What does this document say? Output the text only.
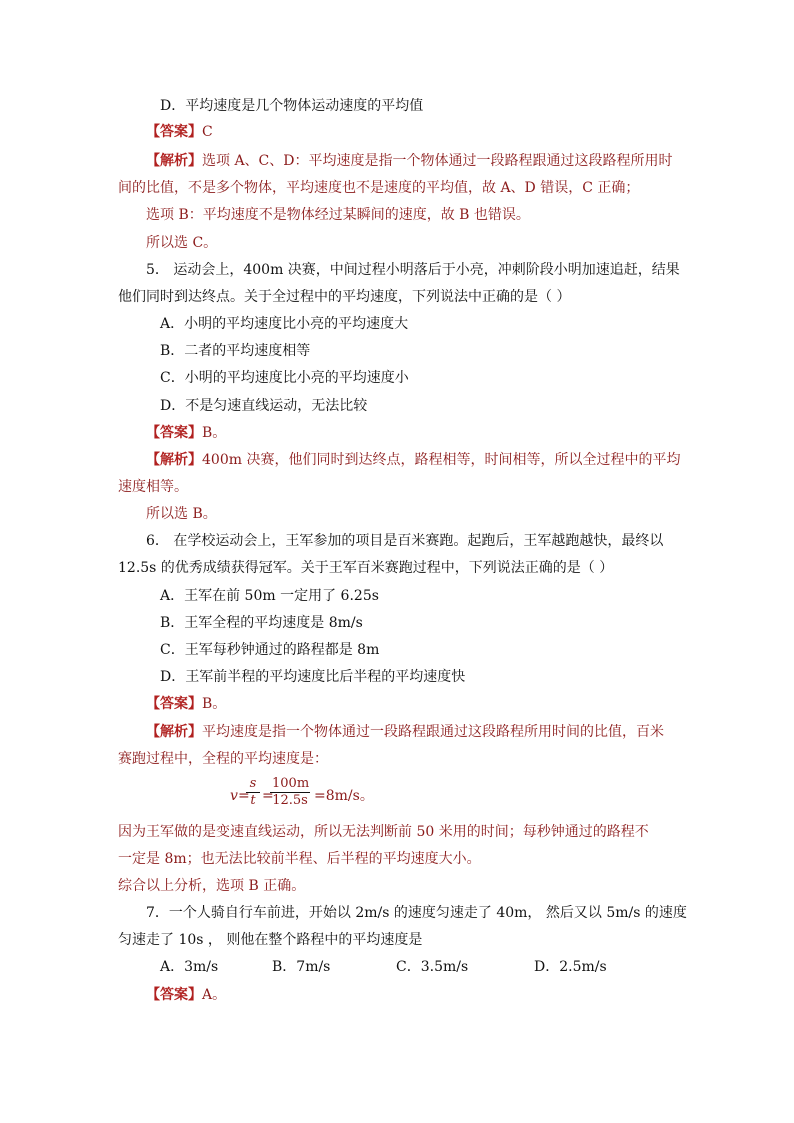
D．平均速度是几个物体运动速度的平均值
【答案】C
【解析】选项 A、C、D：平均速度是指一个物体通过一段路程跟通过这段路程所用时
间的比值，不是多个物体，平均速度也不是速度的平均值，故 A、D 错误，C 正确；
选项 B：平均速度不是物体经过某瞬间的速度，故 B 也错误。
所以选 C。
5． 运动会上，400m 决赛，中间过程小明落后于小亮，冲刺阶段小明加速追赶，结果
他们同时到达终点。关于全过程中的平均速度，下列说法中正确的是（ ）
A．小明的平均速度比小亮的平均速度大
B．二者的平均速度相等
C．小明的平均速度比小亮的平均速度小
D．不是匀速直线运动，无法比较
【答案】B。
【解析】400m 决赛，他们同时到达终点，路程相等，时间相等，所以全过程中的平均
速度相等。
所以选 B。
6． 在学校运动会上，王军参加的项目是百米赛跑。起跑后，王军越跑越快，最终以
12.5s 的优秀成绩获得冠军。关于王军百米赛跑过程中，下列说法正确的是（ ）
A．王军在前 50m 一定用了 6.25s
B．王军全程的平均速度是 8m/s
C．王军每秒钟通过的路程都是 8m
D．王军前半程的平均速度比后半程的平均速度快
【答案】B。
【解析】平均速度是指一个物体通过一段路程跟通过这段路程所用时间的比值，百米
赛跑过程中，全程的平均速度是：
v =
$\frac{s}{t}$ =
$\frac{100m}{12.5s} =8m/s$。
因为王军做的是变速直线运动，所以无法判断前 50 米用的时间；每秒钟通过的路程不
一定是 8m；也无法比较前半程、后半程的平均速度大小。
综合以上分析，选项 B 正确。
7．一个人骑自行车前进，开始以 2m/s 的速度匀速走了 40m， 然后又以 5m/s 的速度
匀速走了 10s ， 则他在整个路程中的平均速度是
A．3m/s	B．7m/s	C．3.5m/s	D．2.5m/s
【答案】A。
